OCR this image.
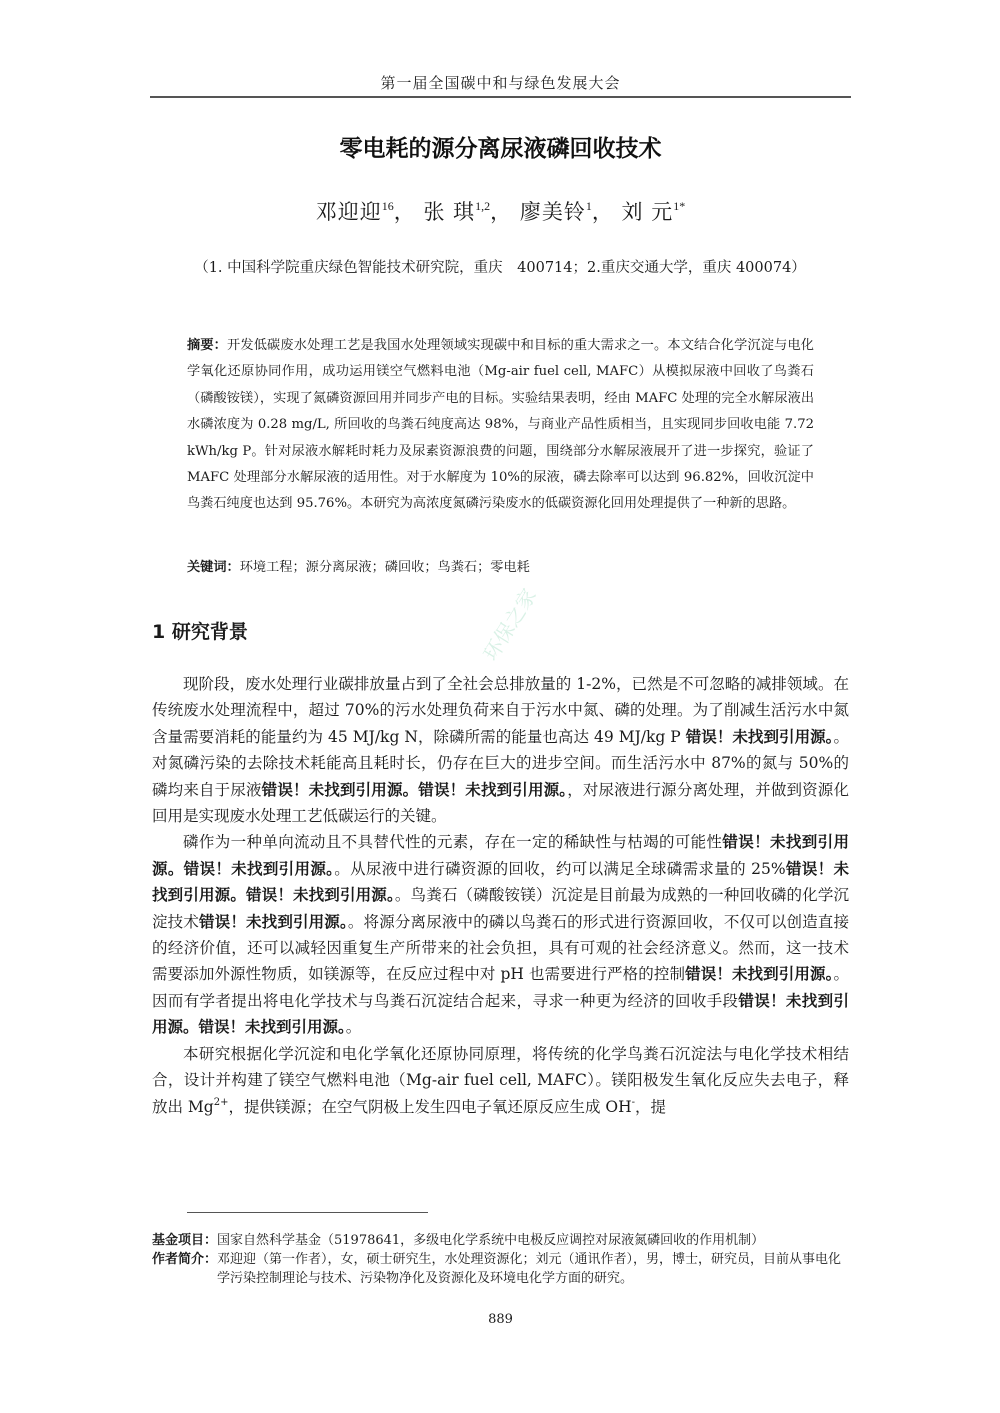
第一届全国碳中和与绿色发展大会
零电耗的源分离尿液磷回收技术
邓迎迎$^{16}$， 张 琪$^{1,2}$， 廖美铃$^1$， 刘 元$^{1*}$
（1. 中国科学院重庆绿色智能技术研究院，重庆　400714；2.重庆交通大学，重庆 400074）
摘要：开发低碳废水处理工艺是我国水处理领域实现碳中和目标的重大需求之一。本文结合化学沉淀与电化学氧化还原协同作用，成功运用镁空气燃料电池（Mg-air fuel cell, MAFC）从模拟尿液中回收了鸟粪石（磷酸铵镁），实现了氮磷资源回用并同步产电的目标。实验结果表明，经由 MAFC 处理的完全水解尿液出水磷浓度为 0.28 mg/L, 所回收的鸟粪石纯度高达 98%，与商业产品性质相当，且实现同步回收电能 7.72 kWh/kg P。针对尿液水解耗时耗力及尿素资源浪费的问题，围绕部分水解尿液展开了进一步探究，验证了 MAFC 处理部分水解尿液的适用性。对于水解度为 10%的尿液，磷去除率可以达到 96.82%，回收沉淀中鸟粪石纯度也达到 95.76%。本研究为高浓度氮磷污染废水的低碳资源化回用处理提供了一种新的思路。
关键词：环境工程；源分离尿液；磷回收；鸟粪石；零电耗
1 研究背景

现阶段，废水处理行业碳排放量占到了全社会总排放量的 1-2%，已然是不可忽略的减排领域。在传统废水处理流程中，超过 70%的污水处理负荷来自于污水中氮、磷的处理。为了削减生活污水中氮含量需要消耗的能量约为 45 MJ/kg N，除磷所需的能量也高达 49 MJ/kg P 错误！未找到引用源。。对氮磷污染的去除技术耗能高且耗时长，仍存在巨大的进步空间。而生活污水中 87%的氮与 50%的磷均来自于尿液错误！未找到引用源。错误！未找到引用源。，对尿液进行源分离处理，并做到资源化回用是实现废水处理工艺低碳运行的关键。

磷作为一种单向流动且不具替代性的元素，存在一定的稀缺性与枯竭的可能性错误！未找到引用源。错误！未找到引用源。。从尿液中进行磷资源的回收，约可以满足全球磷需求量的 25%错误！未找到引用源。错误！未找到引用源。。鸟粪石（磷酸铵镁）沉淀是目前最为成熟的一种回收磷的化学沉淀技术错误！未找到引用源。。将源分离尿液中的磷以鸟粪石的形式进行资源回收，不仅可以创造直接的经济价值，还可以减轻因重复生产所带来的社会负担，具有可观的社会经济意义。然而，这一技术需要添加外源性物质，如镁源等，在反应过程中对 pH 也需要进行严格的控制错误！未找到引用源。。因而有学者提出将电化学技术与鸟粪石沉淀结合起来，寻求一种更为经济的回收手段错误！未找到引用源。错误！未找到引用源。。

本研究根据化学沉淀和电化学氧化还原协同原理，将传统的化学鸟粪石沉淀法与电化学技术相结合，设计并构建了镁空气燃料电池（Mg-air fuel cell, MAFC）。镁阳极发生氧化反应失去电子，释放出 $Mg^{2+}$，提供镁源；在空气阴极上发生四电子氧还原反应生成 OH-，提

环保之家
基金项目： 国家自然科学基金（51978641，多级电化学系统中电极反应调控对尿液氮磷回收的作用机制）
作者简介： 邓迎迎（第一作者），女，硕士研究生，水处理资源化；刘元（通讯作者），男，博士，研究员，目前从事电化学污染控制理论与技术、污染物净化及资源化及环境电化学方面的研究。
889
